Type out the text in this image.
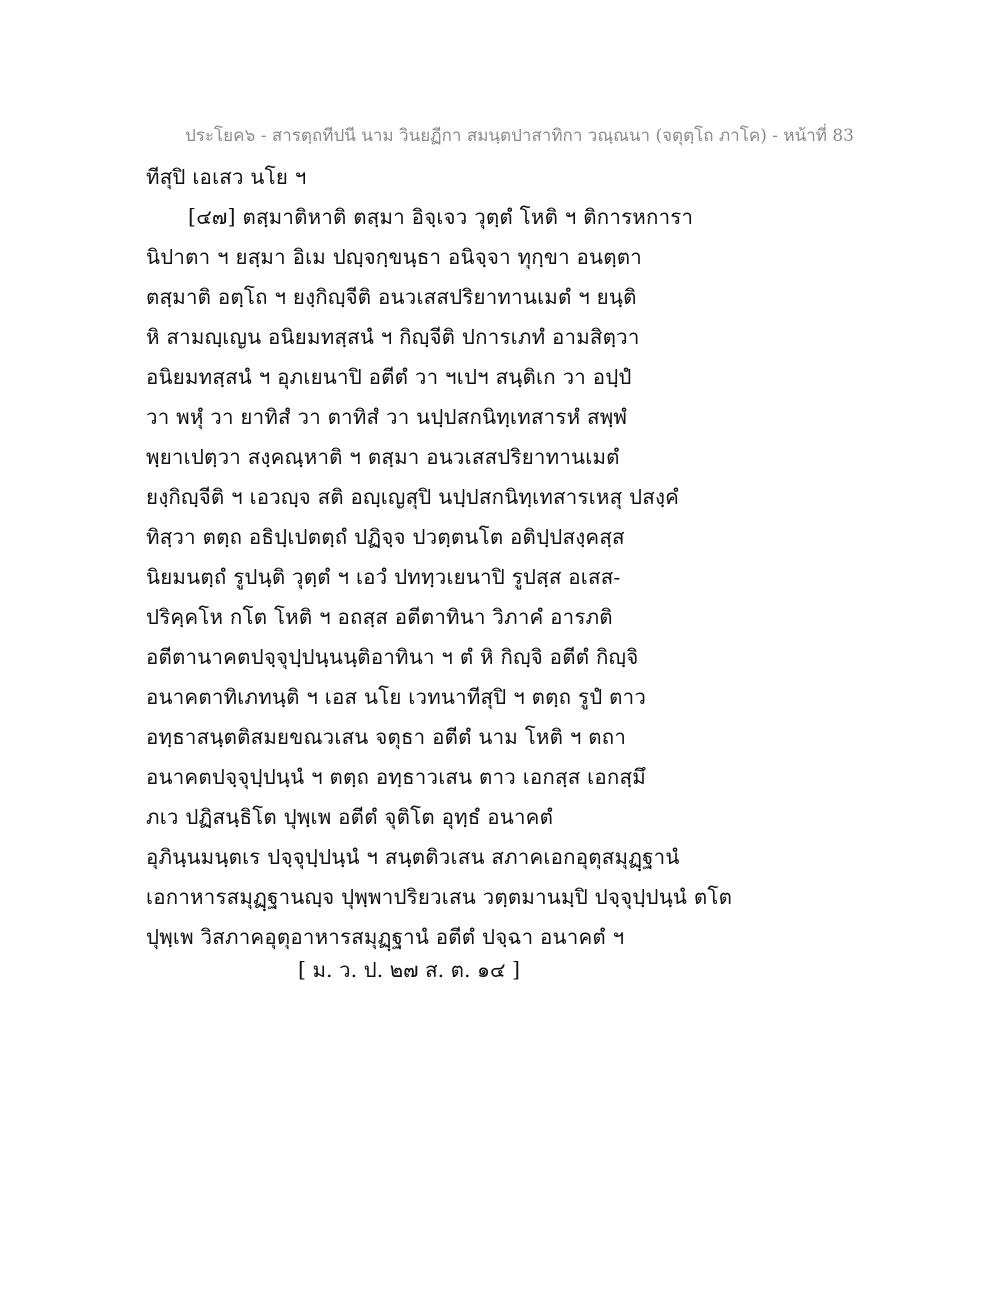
ประโยค๖ - สารตฺถทีปนี นาม วินยฏีกา สมนฺตปาสาทิกา วณฺณนา (จตุตฺโถ ภาโค) - หน้าที่ 83
ทีสุปิ เอเสว นโย ฯ
[๔๗] ตสฺมาติหาติ ตสฺมา อิจฺเจว วุตฺตํ โหติ ฯ ติการหการา
นิปาตา ฯ ยสฺมา อิเม ปญฺจกฺขนฺธา อนิจฺจา ทุกฺขา อนตฺตา
ตสฺมาติ อตฺโถ ฯ ยงฺกิญฺจีติ อนวเสสปริยาทานเมตํ ฯ ยนฺติ
หิ สามญฺเญน อนิยมทสฺสนํ ฯ กิญฺจีติ ปการเภทํ อามสิตฺวา
อนิยมทสฺสนํ ฯ อุภเยนาปิ อตีตํ วา ฯเปฯ สนฺติเก วา อปฺปํ
วา พหุํ วา ยาทิสํ วา ตาทิสํ วา นปฺปสกนิทฺเทสารหํ สพฺพํ
พฺยาเปตฺวา สงฺคณฺหาติ ฯ ตสฺมา อนวเสสปริยาทานเมตํ
ยงฺกิญฺจีติ ฯ เอวญฺจ สติ อญฺเญสุปิ นปฺปสกนิทฺเทสารเหสุ ปสงฺคํ
ทิสฺวา ตตฺถ อธิปฺเปตตฺถํ ปฏิจฺจ ปวตฺตนโต อติปฺปสงฺคสฺส
นิยมนตฺถํ รูปนฺติ วุตฺตํ ฯ เอวํ ปททฺวเยนาปิ รูปสฺส อเสส-
ปริคฺคโห กโต โหติ ฯ อถสฺส อตีตาทินา วิภาคํ อารภติ
อตีตานาคตปจฺจุปฺปนฺนนฺติอาทินา ฯ ตํ หิ กิญฺจิ อตีตํ กิญฺจิ
อนาคตาทิเภทนฺติ ฯ เอส นโย เวทนาทีสุปิ ฯ ตตฺถ รูปํ ตาว
อทฺธาสนฺตติสมยขณวเสน จตุธา อตีตํ นาม โหติ ฯ ตถา
อนาคตปจฺจุปฺปนฺนํ ฯ ตตฺถ อทฺธาวเสน ตาว เอกสฺส เอกสฺมึ
ภเว ปฏิสนฺธิโต ปุพฺเพ อตีตํ จุติโต อุทฺธํ อนาคตํ
อุภินฺนมนฺตเร ปจฺจุปฺปนฺนํ ฯ สนฺตติวเสน สภาคเอกอุตุสมุฏฺฐานํ
เอกาหารสมุฏฺฐานญฺจ ปุพฺพาปริยวเสน วตฺตมานมฺปิ ปจฺจุปฺปนฺนํ ตโต
ปุพฺเพ วิสภาคอุตุอาหารสมุฏฺฐานํ อตีตํ ปจฺฉา อนาคตํ ฯ
[ ม. ว. ป. ๒๗ ส. ต. ๑๔ ]
